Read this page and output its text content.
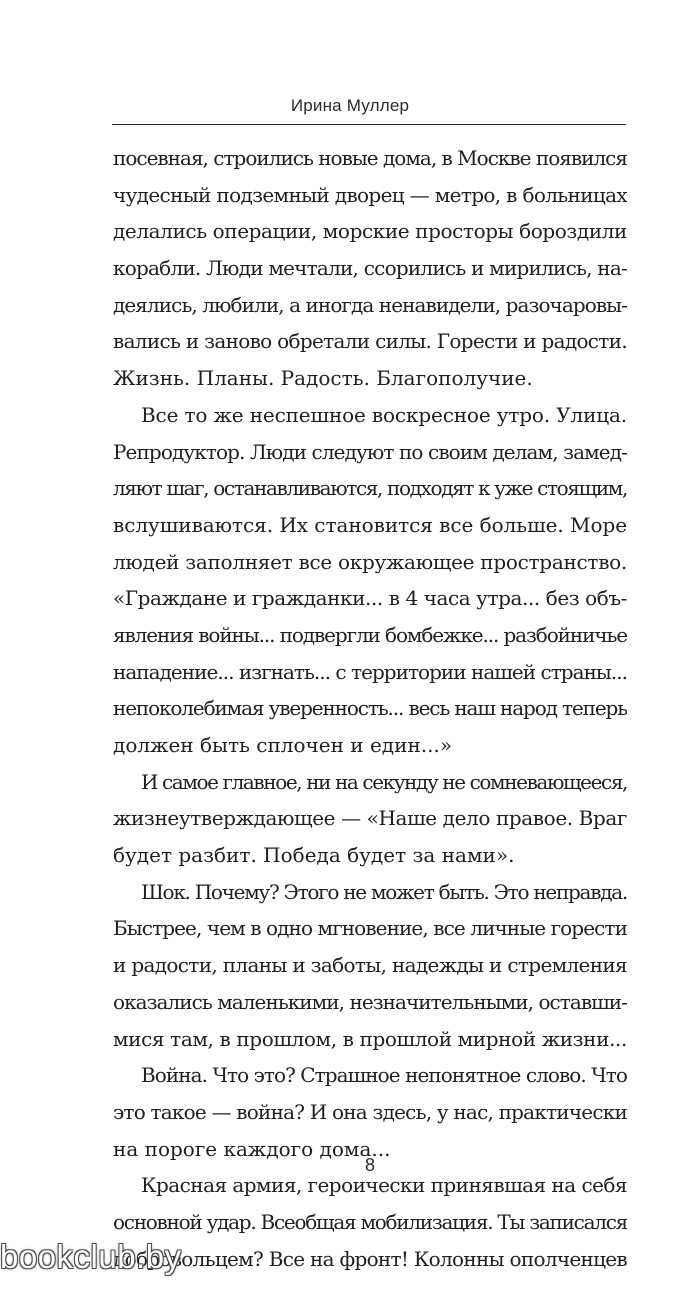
Ирина Муллер
посевная, строились новые дома, в Москве появился
чудесный подземный дворец — метро, в больницах
делались операции, морские просторы бороздили
корабли. Люди мечтали, ссорились и мирились, на-
деялись, любили, а иногда ненавидели, разочаровы-
вались и заново обретали силы. Горести и радости.
Жизнь. Планы. Радость. Благополучие.
Все то же неспешное воскресное утро. Улица.
Репродуктор. Люди следуют по своим делам, замед-
ляют шаг, останавливаются, подходят к уже стоящим,
вслушиваются. Их становится все больше. Море
людей заполняет все окружающее пространство.
«Граждане и гражданки... в 4 часа утра... без объ-
явления войны... подвергли бомбежке... разбойничье
нападение... изгнать... с территории нашей страны...
непоколебимая уверенность... весь наш народ теперь
должен быть сплочен и един...»
И самое главное, ни на секунду не сомневающееся,
жизнеутверждающее — «Наше дело правое. Враг
будет разбит. Победа будет за нами».
Шок. Почему? Этого не может быть. Это неправда.
Быстрее, чем в одно мгновение, все личные горести
и радости, планы и заботы, надежды и стремления
оказались маленькими, незначительными, оставши-
мися там, в прошлом, в прошлой мирной жизни...
Война. Что это? Страшное непонятное слово. Что
это такое — война? И она здесь, у нас, практически
на пороге каждого дома...
Красная армия, героически принявшая на себя
основной удар. Всеобщая мобилизация. Ты записался
добровольцем? Все на фронт! Колонны ополченцев
8
bookclub.by
